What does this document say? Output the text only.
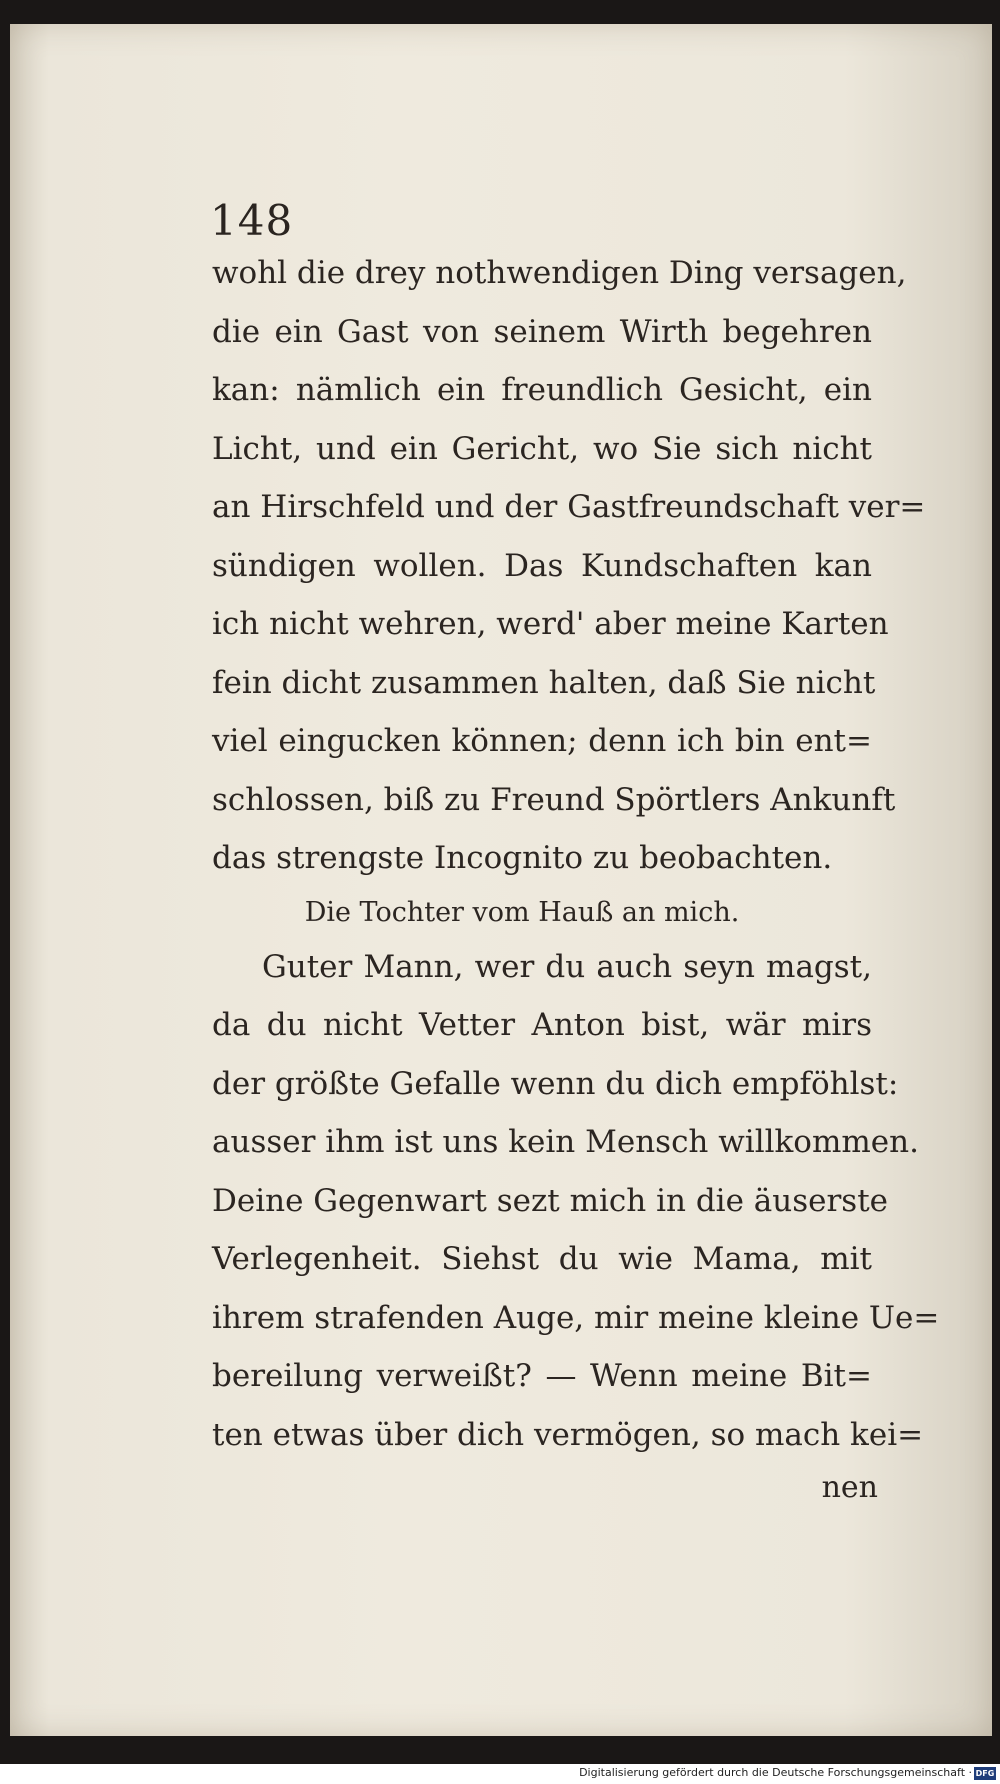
148
wohl die drey nothwendigen Ding versagen,
die ein Gast von seinem Wirth begehren
kan: nämlich ein freundlich Gesicht, ein
Licht, und ein Gericht, wo Sie sich nicht
an Hirschfeld und der Gastfreundschaft ver=
sündigen wollen. Das Kundschaften kan
ich nicht wehren, werd' aber meine Karten
fein dicht zusammen halten, daß Sie nicht
viel eingucken können; denn ich bin ent=
schlossen, biß zu Freund Spörtlers Ankunft
das strengste Incognito zu beobachten.
Die Tochter vom Hauß an mich.
Guter Mann, wer du auch seyn magst,
da du nicht Vetter Anton bist, wär mirs
der größte Gefalle wenn du dich empföhlst:
ausser ihm ist uns kein Mensch willkommen.
Deine Gegenwart sezt mich in die äuserste
Verlegenheit. Siehst du wie Mama, mit
ihrem strafenden Auge, mir meine kleine Ue=
bereilung verweißt? — Wenn meine Bit=
ten etwas über dich vermögen, so mach kei=
nen
Digitalisierung gefördert durch die Deutsche Forschungsgemeinschaft · DFG
